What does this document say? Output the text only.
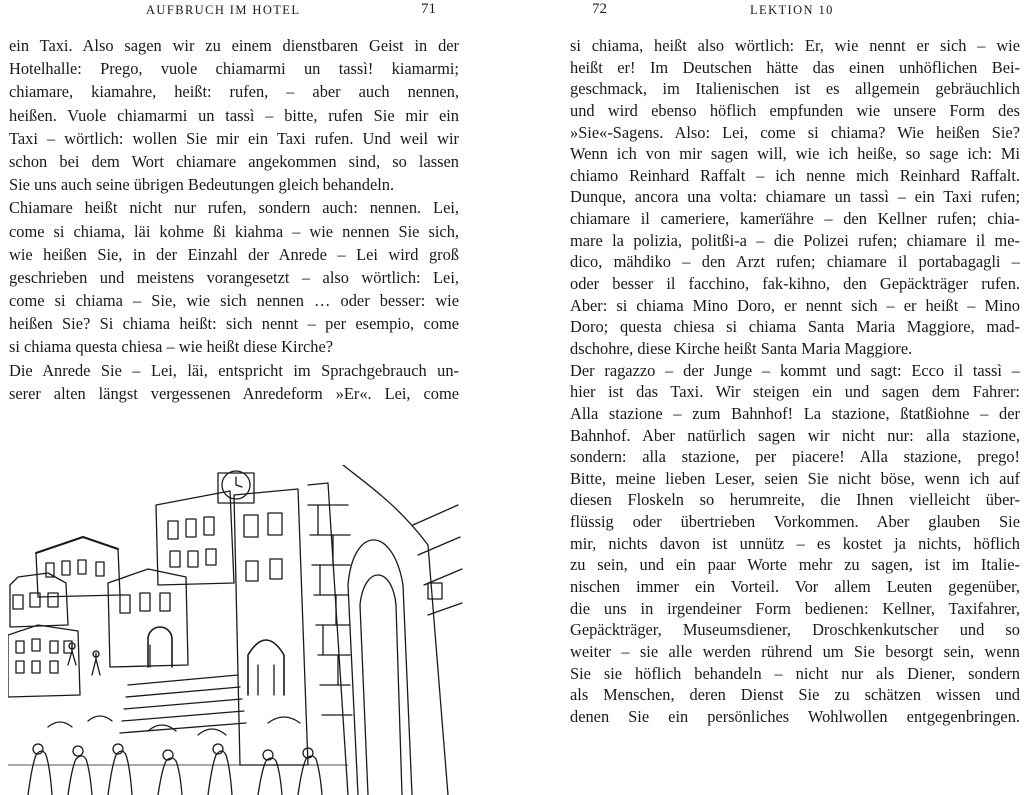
AUFBRUCH IM HOTEL	71
ein Taxi. Also sagen wir zu einem dienstbaren Geist in der
Hotelhalle: Prego, vuole chiamarmi un tassì! kiamarmi;
chiamare, kiamahre, heißt: rufen, – aber auch nennen,
heißen. Vuole chiamarmi un tassì – bitte, rufen Sie mir ein
Taxi – wörtlich: wollen Sie mir ein Taxi rufen. Und weil wir
schon bei dem Wort chiamare angekommen sind, so lassen
Sie uns auch seine übrigen Bedeutungen gleich behandeln.
Chiamare heißt nicht nur rufen, sondern auch: nennen. Lei,
come si chiama, läi kohme ßi kiahma – wie nennen Sie sich,
wie heißen Sie, in der Einzahl der Anrede – Lei wird groß
geschrieben und meistens vorangesetzt – also wörtlich: Lei,
come si chiama – Sie, wie sich nennen … oder besser: wie
heißen Sie? Si chiama heißt: sich nennt – per esempio, come
si chiama questa chiesa – wie heißt diese Kirche?
Die Anrede Sie – Lei, läi, entspricht im Sprachgebrauch un-
serer alten längst vergessenen Anredeform »Er«. Lei, come
72	LEKTION 10
si chiama, heißt also wörtlich: Er, wie nennt er sich – wie
heißt er! Im Deutschen hätte das einen unhöflichen Bei-
geschmack, im Italienischen ist es allgemein gebräuchlich
und wird ebenso höflich empfunden wie unsere Form des
»Sie«-Sagens. Also: Lei, come si chiama? Wie heißen Sie?
Wenn ich von mir sagen will, wie ich heiße, so sage ich: Mi
chiamo Reinhard Raffalt – ich nenne mich Reinhard Raffalt.
Dunque, ancora una volta: chiamare un tassì – ein Taxi rufen;
chiamare il cameriere, kamerïähre – den Kellner rufen; chia-
mare la polizia, politßi-a – die Polizei rufen; chiamare il me-
dico, mähdiko – den Arzt rufen; chiamare il portabagagli –
oder besser il facchino, fak-kihno, den Gepäckträger rufen.
Aber: si chiama Mino Doro, er nennt sich – er heißt – Mino
Doro; questa chiesa si chiama Santa Maria Maggiore, mad-
dschohre, diese Kirche heißt Santa Maria Maggiore.
Der ragazzo – der Junge – kommt und sagt: Ecco il tassì –
hier ist das Taxi. Wir steigen ein und sagen dem Fahrer:
Alla stazione – zum Bahnhof! La stazione, ßtatßiohne – der
Bahnhof. Aber natürlich sagen wir nicht nur: alla stazione,
sondern: alla stazione, per piacere! Alla stazione, prego!
Bitte, meine lieben Leser, seien Sie nicht böse, wenn ich auf
diesen Floskeln so herumreite, die Ihnen vielleicht über-
flüssig oder übertrieben Vorkommen. Aber glauben Sie
mir, nichts davon ist unnütz – es kostet ja nichts, höflich
zu sein, und ein paar Worte mehr zu sagen, ist im Italie-
nischen immer ein Vorteil. Vor allem Leuten gegenüber,
die uns in irgendeiner Form bedienen: Kellner, Taxifahrer,
Gepäckträger, Museumsdiener, Droschkenkutscher und so
weiter – sie alle werden rührend um Sie besorgt sein, wenn
Sie sie höflich behandeln – nicht nur als Diener, sondern
als Menschen, deren Dienst Sie zu schätzen wissen und
denen Sie ein persönliches Wohlwollen entgegenbringen.
